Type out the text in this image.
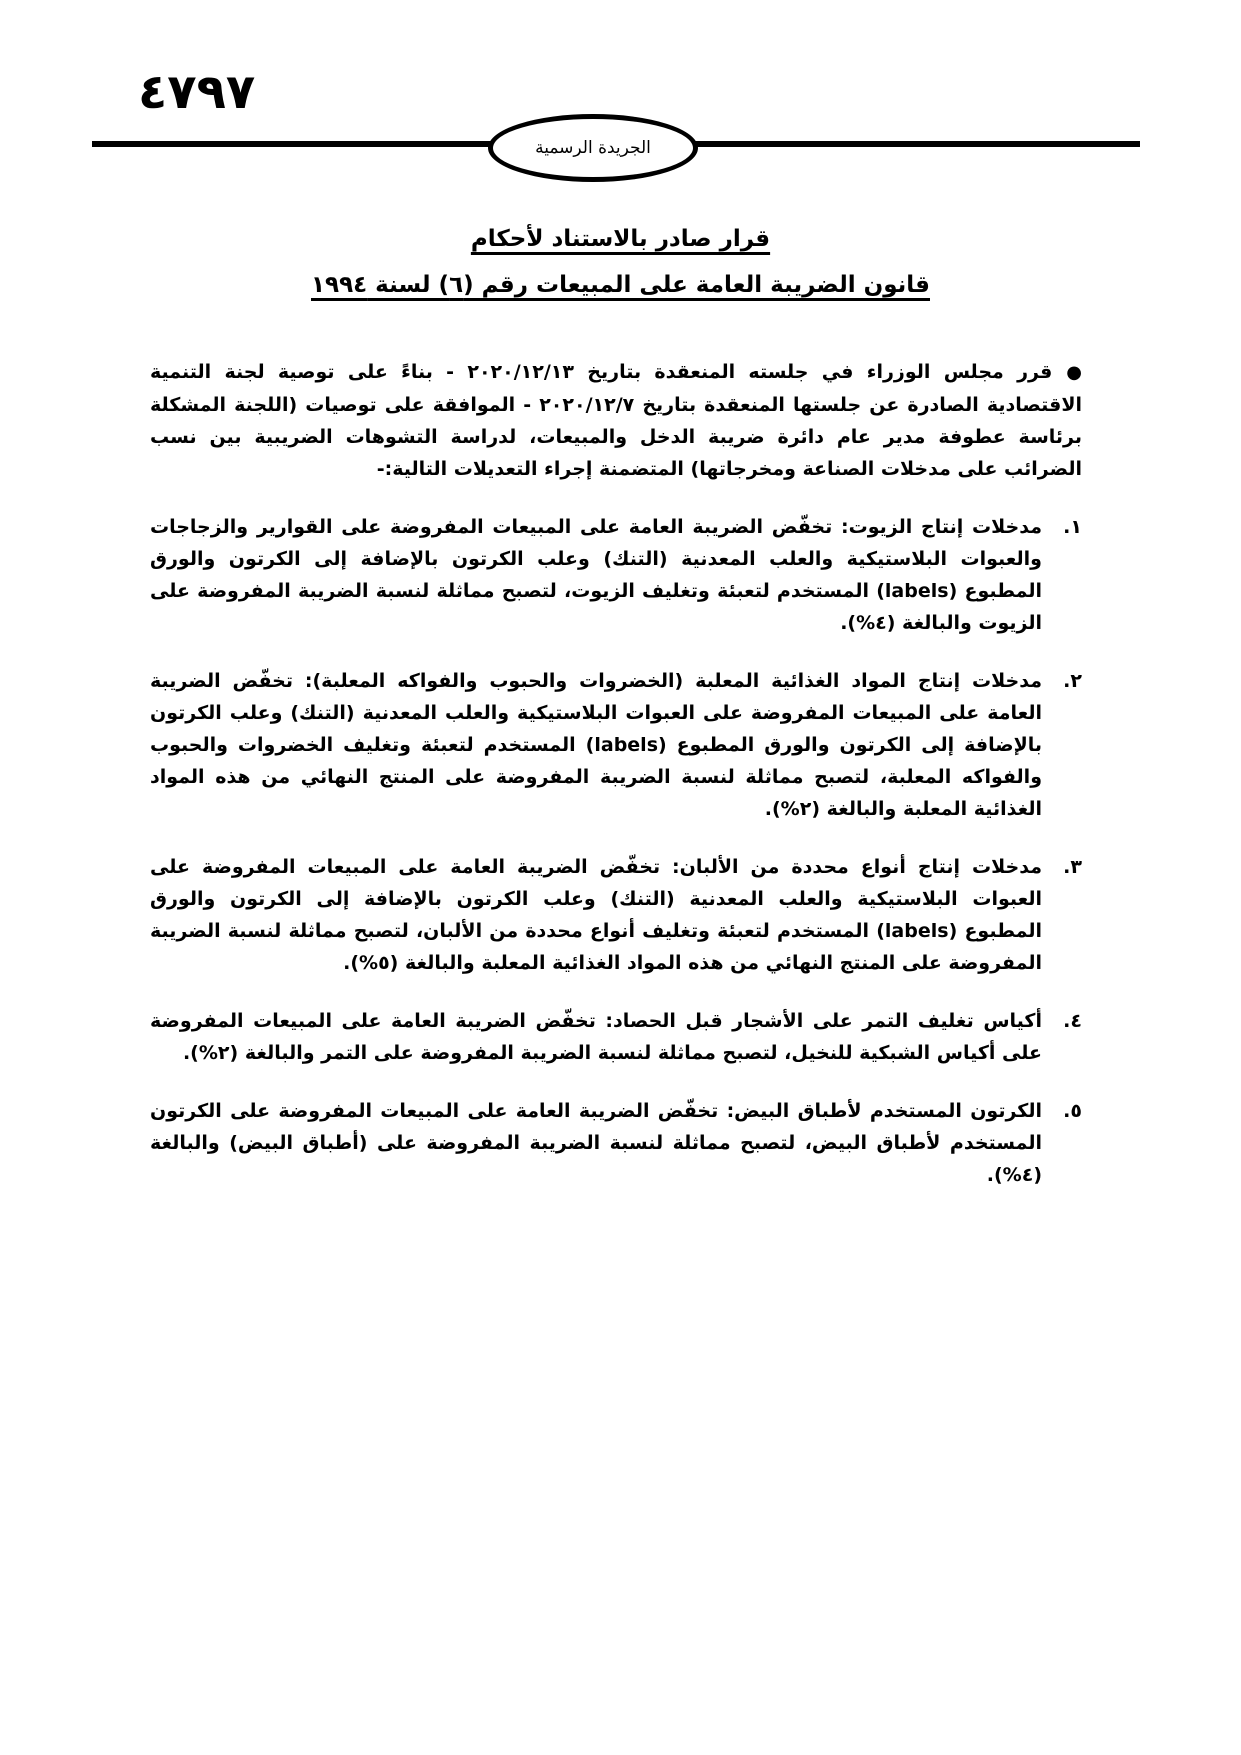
٤٧٩٧
الجريدة الرسمية
قرار صادر بالاستناد لأحكام
قانون الضريبة العامة على المبيعات رقم (٦) لسنة ١٩٩٤

●قرر مجلس الوزراء في جلسته المنعقدة بتاريخ ٢٠٢٠/١٢/١٣ - بناءً على توصية لجنة التنمية الاقتصادية الصادرة عن جلستها المنعقدة بتاريخ ٢٠٢٠/١٢/٧ - الموافقة على توصيات (اللجنة المشكلة برئاسة عطوفة مدير عام دائرة ضريبة الدخل والمبيعات، لدراسة التشوهات الضريبية بين نسب الضرائب على مدخلات الصناعة ومخرجاتها) المتضمنة إجراء التعديلات التالية:-

١.
مدخلات إنتاج الزيوت: تخفّض الضريبة العامة على المبيعات المفروضة على القوارير والزجاجات والعبوات البلاستيكية والعلب المعدنية (التنك) وعلب الكرتون بالإضافة إلى الكرتون والورق المطبوع (labels) المستخدم لتعبئة وتغليف الزيوت، لتصبح مماثلة لنسبة الضريبة المفروضة على الزيوت والبالغة (٤%).
٢.
مدخلات إنتاج المواد الغذائية المعلبة (الخضروات والحبوب والفواكه المعلبة): تخفّض الضريبة العامة على المبيعات المفروضة على العبوات البلاستيكية والعلب المعدنية (التنك) وعلب الكرتون بالإضافة إلى الكرتون والورق المطبوع (labels) المستخدم لتعبئة وتغليف الخضروات والحبوب والفواكه المعلبة، لتصبح مماثلة لنسبة الضريبة المفروضة على المنتج النهائي من هذه المواد الغذائية المعلبة والبالغة (٢%).
٣.
مدخلات إنتاج أنواع محددة من الألبان: تخفّض الضريبة العامة على المبيعات المفروضة على العبوات البلاستيكية والعلب المعدنية (التنك) وعلب الكرتون بالإضافة إلى الكرتون والورق المطبوع (labels) المستخدم لتعبئة وتغليف أنواع محددة من الألبان، لتصبح مماثلة لنسبة الضريبة المفروضة على المنتج النهائي من هذه المواد الغذائية المعلبة والبالغة (٥%).
٤.
أكياس تغليف التمر على الأشجار قبل الحصاد: تخفّض الضريبة العامة على المبيعات المفروضة على أكياس الشبكية للنخيل، لتصبح مماثلة لنسبة الضريبة المفروضة على التمر والبالغة (٢%).
٥.
الكرتون المستخدم لأطباق البيض: تخفّض الضريبة العامة على المبيعات المفروضة على الكرتون المستخدم لأطباق البيض، لتصبح مماثلة لنسبة الضريبة المفروضة على (أطباق البيض) والبالغة (٤%).
